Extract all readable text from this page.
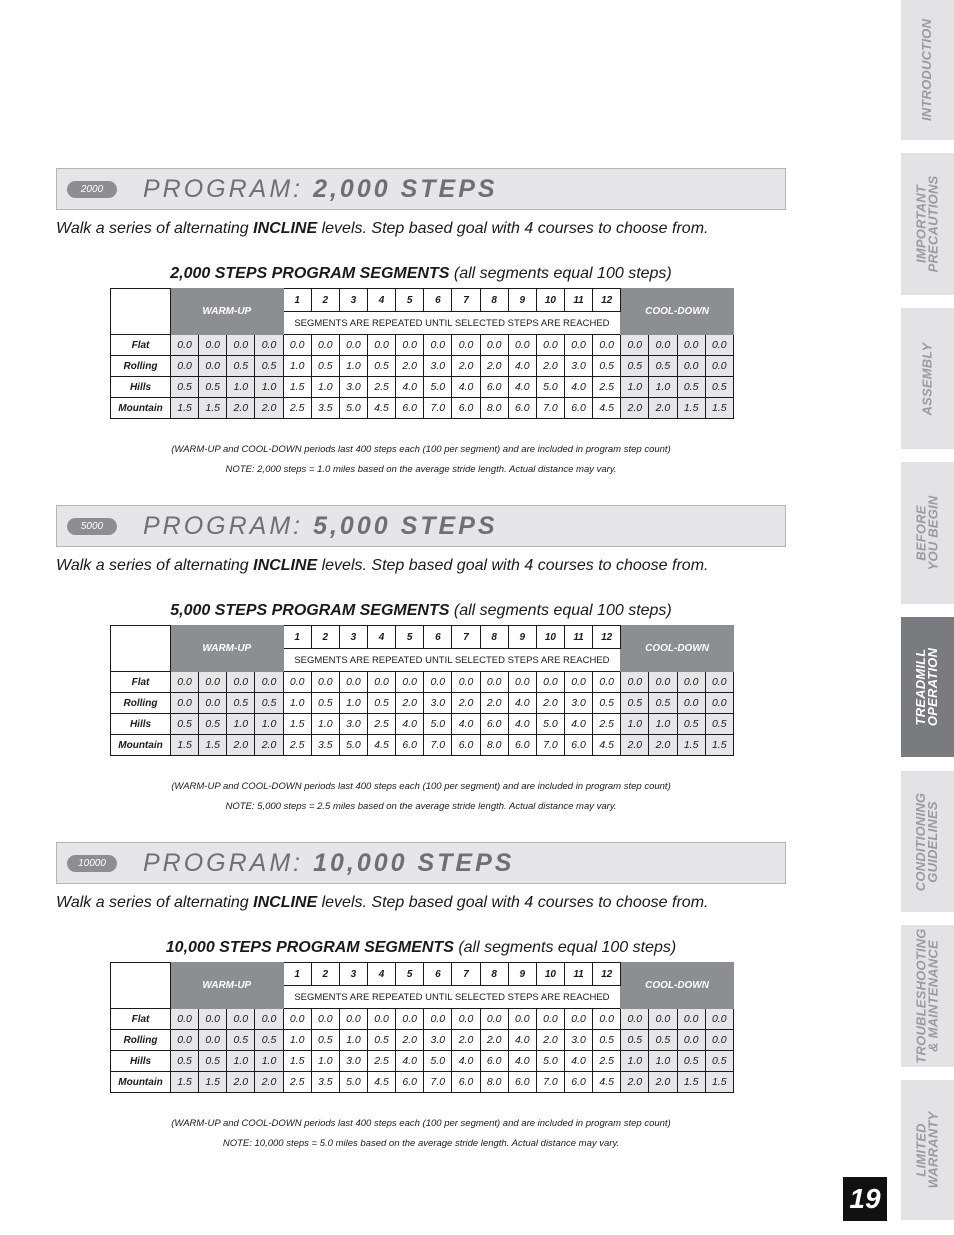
INTRODUCTION
IMPORTANT
PRECAUTIONS
ASSEMBLY
BEFORE
YOU BEGIN
TREADMILL
OPERATION
CONDITIONING
GUIDELINES
TROUBLESHOOTING
& MAINTENANCE
LIMITED
WARRANTY
19
2000	PROGRAM: 2,000 STEPS
Walk a series of alternating INCLINE levels. Step based goal with 4 courses to choose from.
2,000 STEPS PROGRAM SEGMENTS (all segments equal 100 steps)
(WARM-UP and COOL-DOWN periods last 400 steps each (100 per segment) and are included in program step count)
NOTE: 2,000 steps = 1.0 miles based on the average stride length. Actual distance may vary.
	WARM-UP				1	2	3	4	5	6	7	8	9	10	11	12	COOL-DOWN			
					SEGMENTS ARE REPEATED UNTIL SELECTED STEPS ARE REACHED															
Flat	0.0	0.0	0.0	0.0	0.0	0.0	0.0	0.0	0.0	0.0	0.0	0.0	0.0	0.0	0.0	0.0	0.0	0.0	0.0	0.0
Rolling	0.0	0.0	0.5	0.5	1.0	0.5	1.0	0.5	2.0	3.0	2.0	2.0	4.0	2.0	3.0	0.5	0.5	0.5	0.0	0.0
Hills	0.5	0.5	1.0	1.0	1.5	1.0	3.0	2.5	4.0	5.0	4.0	6.0	4.0	5.0	4.0	2.5	1.0	1.0	0.5	0.5
Mountain	1.5	1.5	2.0	2.0	2.5	3.5	5.0	4.5	6.0	7.0	6.0	8.0	6.0	7.0	6.0	4.5	2.0	2.0	1.5	1.5
5000	PROGRAM: 5,000 STEPS
Walk a series of alternating INCLINE levels. Step based goal with 4 courses to choose from.
5,000 STEPS PROGRAM SEGMENTS (all segments equal 100 steps)
(WARM-UP and COOL-DOWN periods last 400 steps each (100 per segment) and are included in program step count)
NOTE: 5,000 steps = 2.5 miles based on the average stride length. Actual distance may vary.
	WARM-UP				1	2	3	4	5	6	7	8	9	10	11	12	COOL-DOWN			
					SEGMENTS ARE REPEATED UNTIL SELECTED STEPS ARE REACHED															
Flat	0.0	0.0	0.0	0.0	0.0	0.0	0.0	0.0	0.0	0.0	0.0	0.0	0.0	0.0	0.0	0.0	0.0	0.0	0.0	0.0
Rolling	0.0	0.0	0.5	0.5	1.0	0.5	1.0	0.5	2.0	3.0	2.0	2.0	4.0	2.0	3.0	0.5	0.5	0.5	0.0	0.0
Hills	0.5	0.5	1.0	1.0	1.5	1.0	3.0	2.5	4.0	5.0	4.0	6.0	4.0	5.0	4.0	2.5	1.0	1.0	0.5	0.5
Mountain	1.5	1.5	2.0	2.0	2.5	3.5	5.0	4.5	6.0	7.0	6.0	8.0	6.0	7.0	6.0	4.5	2.0	2.0	1.5	1.5
10000	PROGRAM: 10,000 STEPS
Walk a series of alternating INCLINE levels. Step based goal with 4 courses to choose from.
10,000 STEPS PROGRAM SEGMENTS (all segments equal 100 steps)
(WARM-UP and COOL-DOWN periods last 400 steps each (100 per segment) and are included in program step count)
NOTE: 10,000 steps = 5.0 miles based on the average stride length. Actual distance may vary.
	WARM-UP				1	2	3	4	5	6	7	8	9	10	11	12	COOL-DOWN			
					SEGMENTS ARE REPEATED UNTIL SELECTED STEPS ARE REACHED															
Flat	0.0	0.0	0.0	0.0	0.0	0.0	0.0	0.0	0.0	0.0	0.0	0.0	0.0	0.0	0.0	0.0	0.0	0.0	0.0	0.0
Rolling	0.0	0.0	0.5	0.5	1.0	0.5	1.0	0.5	2.0	3.0	2.0	2.0	4.0	2.0	3.0	0.5	0.5	0.5	0.0	0.0
Hills	0.5	0.5	1.0	1.0	1.5	1.0	3.0	2.5	4.0	5.0	4.0	6.0	4.0	5.0	4.0	2.5	1.0	1.0	0.5	0.5
Mountain	1.5	1.5	2.0	2.0	2.5	3.5	5.0	4.5	6.0	7.0	6.0	8.0	6.0	7.0	6.0	4.5	2.0	2.0	1.5	1.5
